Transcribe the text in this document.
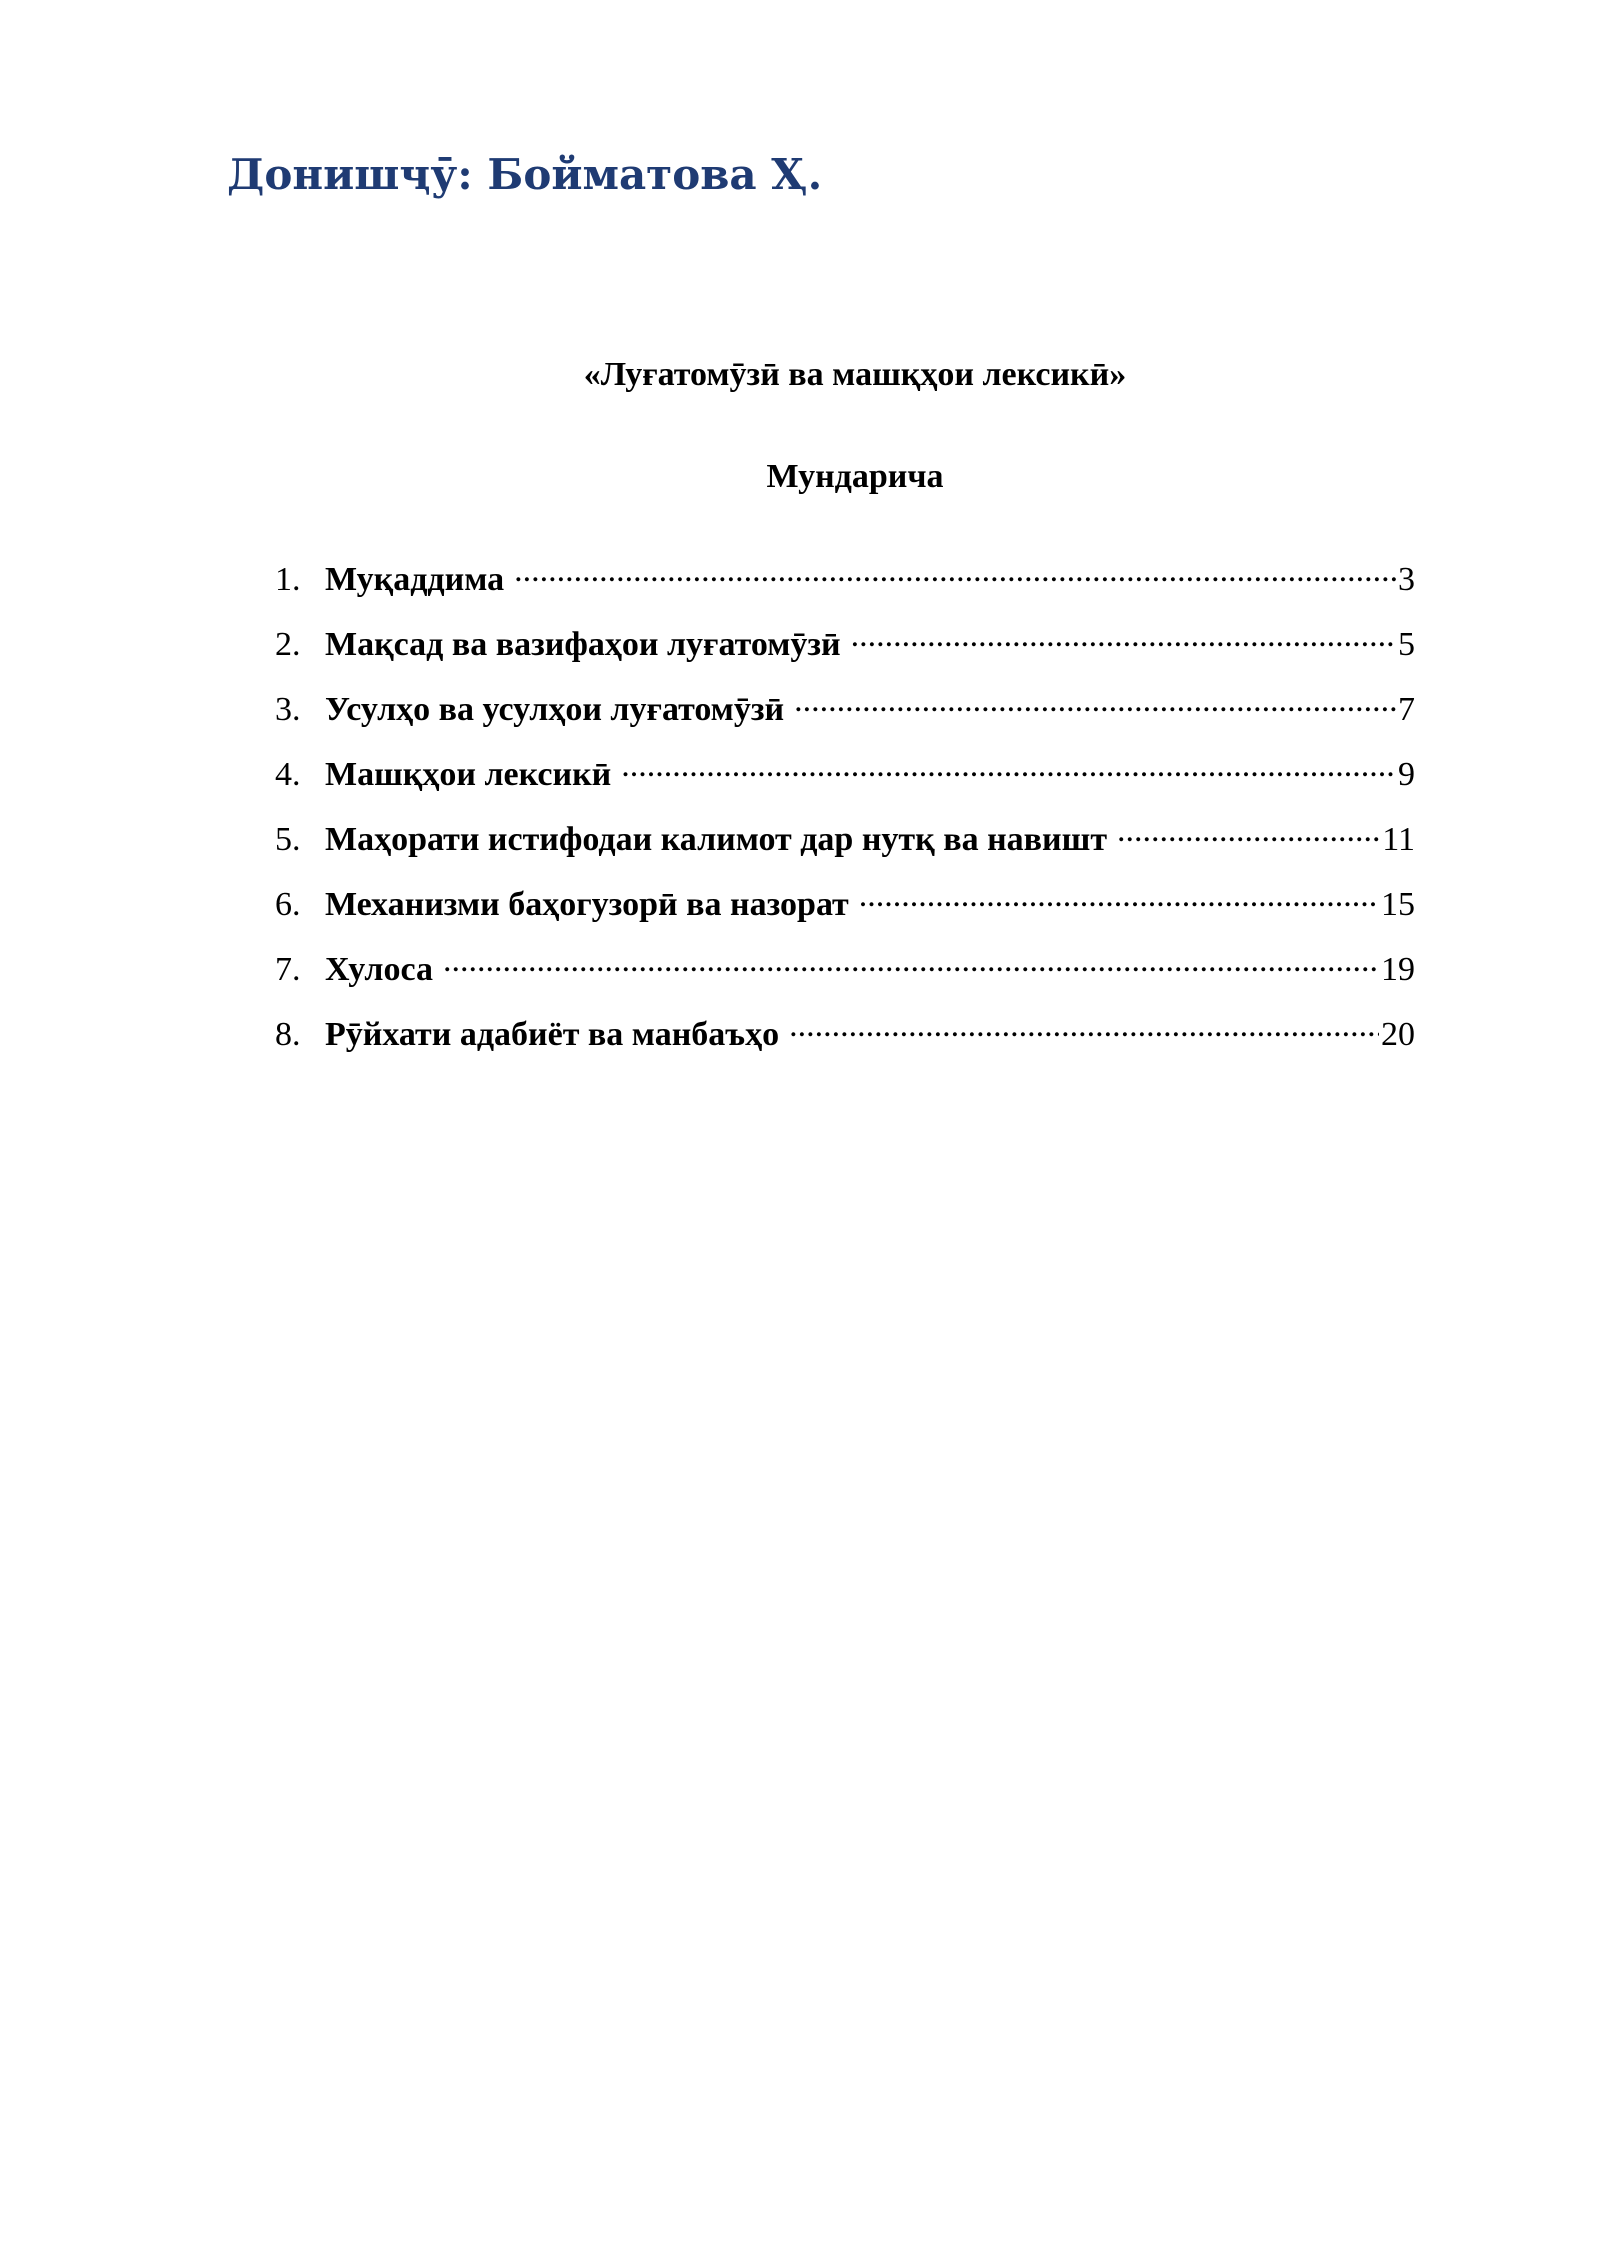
Донишҷӯ: Бойматова Ҳ.
«Луғатомӯзӣ ва машқҳои лексикӣ»
Мундарича
1. Муқаддима .....	3
2. Мақсад ва вазифаҳои луғатомӯзӣ .....	5
3. Усулҳо ва усулҳои луғатомӯзӣ .....	7
4. Машқҳои лексикӣ .....	9
5. Маҳорати истифодаи калимот дар нутқ ва навишт .....	11
6. Механизми баҳогузорӣ ва назорат .....	15
7. Хулоса .....	19
8. Рӯйхати адабиёт ва манбаъҳо .....	20
